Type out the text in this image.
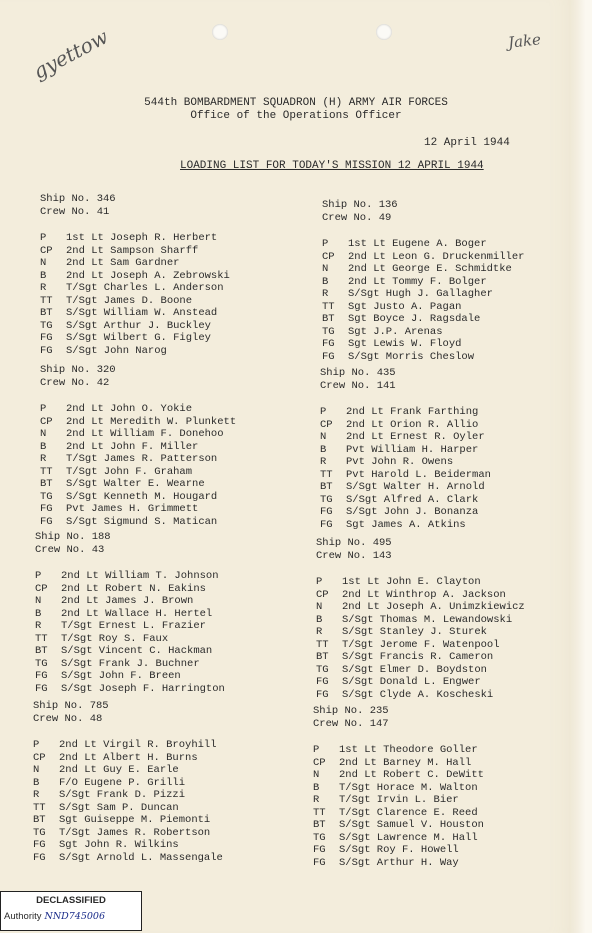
gyettow	Jake
544th BOMBARDMENT SQUADRON (H) ARMY AIR FORCES
Office of the Operations Officer
12 April 1944
LOADING LIST FOR TODAY'S MISSION 12 APRIL 1944
Ship No. 346
Crew No. 41
P	1st Lt Joseph R. Herbert
CP	2nd Lt Sampson Sharff
N	2nd Lt Sam Gardner
B	2nd Lt Joseph A. Zebrowski
R	T/Sgt Charles L. Anderson
TT	T/Sgt James D. Boone
BT	S/Sgt William W. Anstead
TG	S/Sgt Arthur J. Buckley
FG	S/Sgt Wilbert G. Figley
FG	S/Sgt John Narog
Ship No. 136
Crew No. 49
P	1st Lt Eugene A. Boger
CP	2nd Lt Leon G. Druckenmiller
N	2nd Lt George E. Schmidtke
B	2nd Lt Tommy F. Bolger
R	S/Sgt Hugh J. Gallagher
TT	Sgt Justo A. Pagan
BT	Sgt Boyce J. Ragsdale
TG	Sgt J.P. Arenas
FG	Sgt Lewis W. Floyd
FG	S/Sgt Morris Cheslow
Ship No. 320
Crew No. 42
P	2nd Lt John O. Yokie
CP	2nd Lt Meredith W. Plunkett
N	2nd Lt William F. Donehoo
B	2nd Lt John F. Miller
R	T/Sgt James R. Patterson
TT	T/Sgt John F. Graham
BT	S/Sgt Walter E. Wearne
TG	S/Sgt Kenneth M. Hougard
FG	Pvt James H. Grimmett
FG	S/Sgt Sigmund S. Matican
Ship No. 435
Crew No. 141
P	2nd Lt Frank Farthing
CP	2nd Lt Orion R. Allio
N	2nd Lt Ernest R. Oyler
B	Pvt William H. Harper
R	Pvt John R. Owens
TT	Pvt Harold L. Beiderman
BT	S/Sgt Walter H. Arnold
TG	S/Sgt Alfred A. Clark
FG	S/Sgt John J. Bonanza
FG	Sgt James A. Atkins
Ship No. 188
Crew No. 43
P	2nd Lt William T. Johnson
CP	2nd Lt Robert N. Eakins
N	2nd Lt James J. Brown
B	2nd Lt Wallace H. Hertel
R	T/Sgt Ernest L. Frazier
TT	T/Sgt Roy S. Faux
BT	S/Sgt Vincent C. Hackman
TG	S/Sgt Frank J. Buchner
FG	S/Sgt John F. Breen
FG	S/Sgt Joseph F. Harrington
Ship No. 495
Crew No. 143
P	1st Lt John E. Clayton
CP	2nd Lt Winthrop A. Jackson
N	2nd Lt Joseph A. Unimzkiewicz
B	S/Sgt Thomas M. Lewandowski
R	S/Sgt Stanley J. Sturek
TT	T/Sgt Jerome F. Watenpool
BT	S/Sgt Francis R. Cameron
TG	S/Sgt Elmer D. Boydston
FG	S/Sgt Donald L. Engwer
FG	S/Sgt Clyde A. Koscheski
Ship No. 785
Crew No. 48
P	2nd Lt Virgil R. Broyhill
CP	2nd Lt Albert H. Burns
N	2nd Lt Guy E. Earle
B	F/O Eugene P. Grilli
R	S/Sgt Frank D. Pizzi
TT	S/Sgt Sam P. Duncan
BT	Sgt Guiseppe M. Piemonti
TG	T/Sgt James R. Robertson
FG	Sgt John R. Wilkins
FG	S/Sgt Arnold L. Massengale
Ship No. 235
Crew No. 147
P	1st Lt Theodore Goller
CP	2nd Lt Barney M. Hall
N	2nd Lt Robert C. DeWitt
B	T/Sgt Horace M. Walton
R	T/Sgt Irvin L. Bier
TT	T/Sgt Clarence E. Reed
BT	S/Sgt Samuel V. Houston
TG	S/Sgt Lawrence M. Hall
FG	S/Sgt Roy F. Howell
FG	S/Sgt Arthur H. Way
DECLASSIFIED
Authority NND745006
